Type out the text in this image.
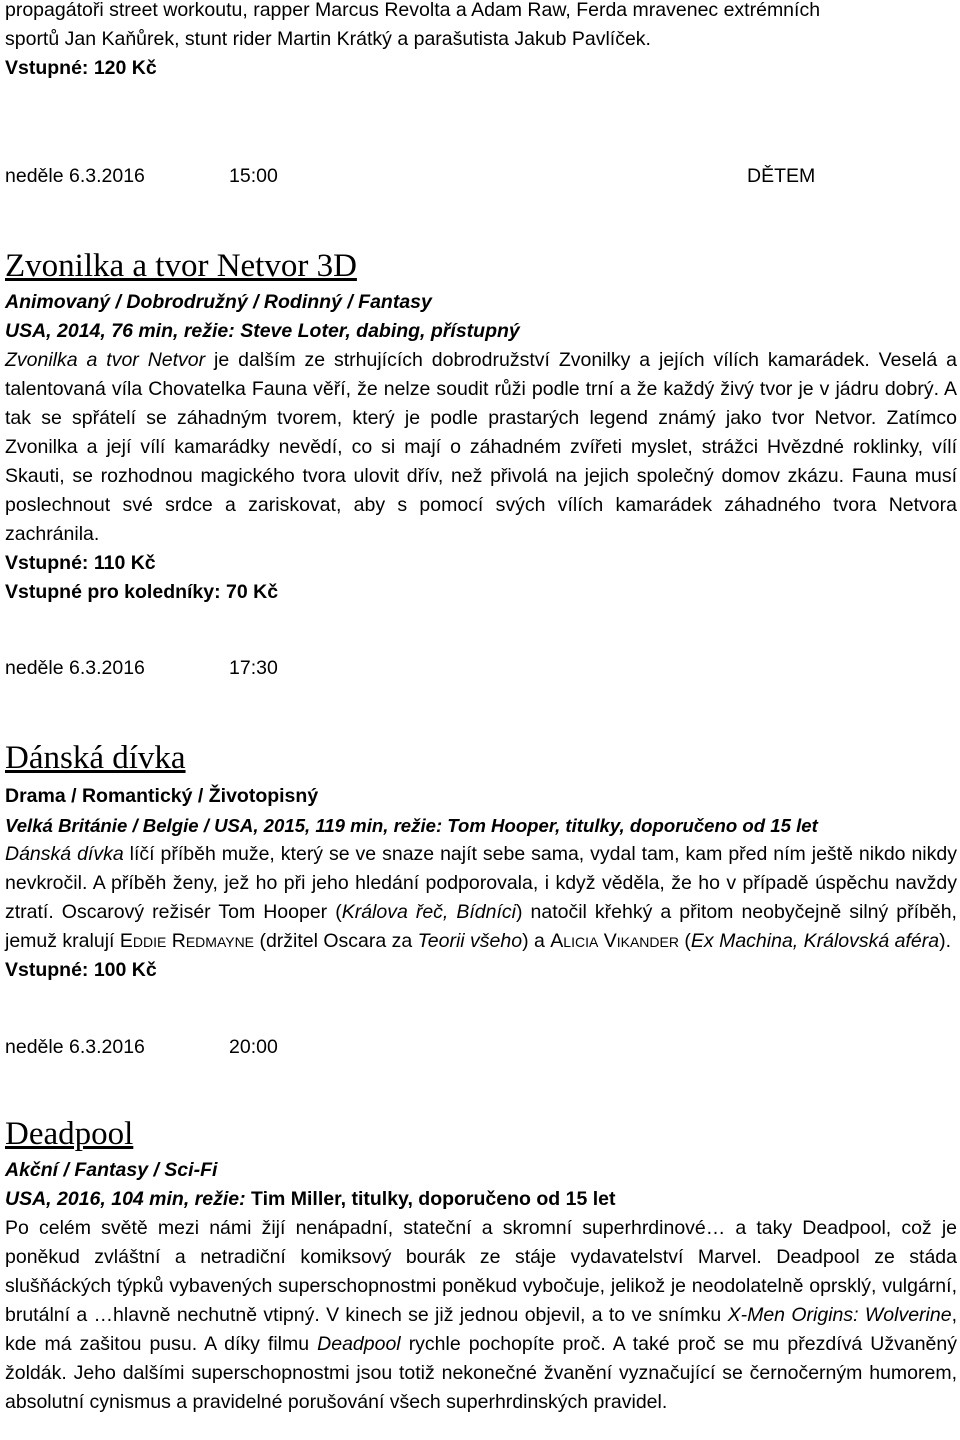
propagátoři street workoutu, rapper Marcus Revolta a Adam Raw, Ferda mravenec extrémních
sportů Jan Kaňůrek, stunt rider Martin Krátký a parašutista Jakub Pavlíček.
Vstupné: 120 Kč

neděle 6.3.2016	15:00	DĚTEM
Zvonilka a tvor Netvor 3D

Animovaný / Dobrodružný / Rodinný / Fantasy

USA, 2014, 76 min, režie: Steve Loter, dabing, přístupný

Zvonilka a tvor Netvor je dalším ze strhujících dobrodružství Zvonilky a jejích vílích kamarádek. Veselá a talentovaná víla Chovatelka Fauna věří, že nelze soudit růži podle trní a že každý živý tvor je v jádru dobrý. A tak se spřátelí se záhadným tvorem, který je podle prastarých legend známý jako tvor Netvor. Zatímco Zvonilka a její vílí kamarádky nevědí, co si mají o záhadném zvířeti myslet, strážci Hvězdné roklinky, vílí Skauti, se rozhodnou magického tvora ulovit dřív, než přivolá na jejich společný domov zkázu. Fauna musí poslechnout své srdce a zariskovat, aby s pomocí svých vílích kamarádek záhadného tvora Netvora zachránila.

Vstupné: 110 Kč

Vstupné pro koledníky: 70 Kč

neděle 6.3.2016	17:30
Dánská dívka

Drama / Romantický / Životopisný

Velká Británie / Belgie / USA, 2015, 119 min, režie: Tom Hooper, titulky, doporučeno od 15 let

Dánská dívka líčí příběh muže, který se ve snaze najít sebe sama, vydal tam, kam před ním ještě nikdo nikdy nevkročil. A příběh ženy, jež ho při jeho hledání podporovala, i když věděla, že ho v případě úspěchu navždy ztratí. Oscarový režisér Tom Hooper (Králova řeč, Bídníci) natočil křehký a přitom neobyčejně silný příběh, jemuž kralují Eddie Redmayne (držitel Oscara za Teorii všeho) a Alicia Vikander (Ex Machina, Královská aféra).

Vstupné: 100 Kč

neděle 6.3.2016	20:00
Deadpool

Akční / Fantasy / Sci-Fi

USA, 2016, 104 min, režie: Tim Miller, titulky, doporučeno od 15 let

Po celém světě mezi námi žijí nenápadní, stateční a skromní superhrdinové… a taky Deadpool, což je poněkud zvláštní a netradiční komiksový bourák ze stáje vydavatelství Marvel. Deadpool ze stáda slušňáckých týpků vybavených superschopnostmi poněkud vybočuje, jelikož je neodolatelně oprsklý, vulgární, brutální a …hlavně nechutně vtipný. V kinech se již jednou objevil, a to ve snímku X-Men Origins: Wolverine, kde má zašitou pusu. A díky filmu Deadpool rychle pochopíte proč. A také proč se mu přezdívá Užvaněný žoldák. Jeho dalšími superschopnostmi jsou totiž nekonečné žvanění vyznačující se černočerným humorem, absolutní cynismus a pravidelné porušování všech superhrdinských pravidel.
